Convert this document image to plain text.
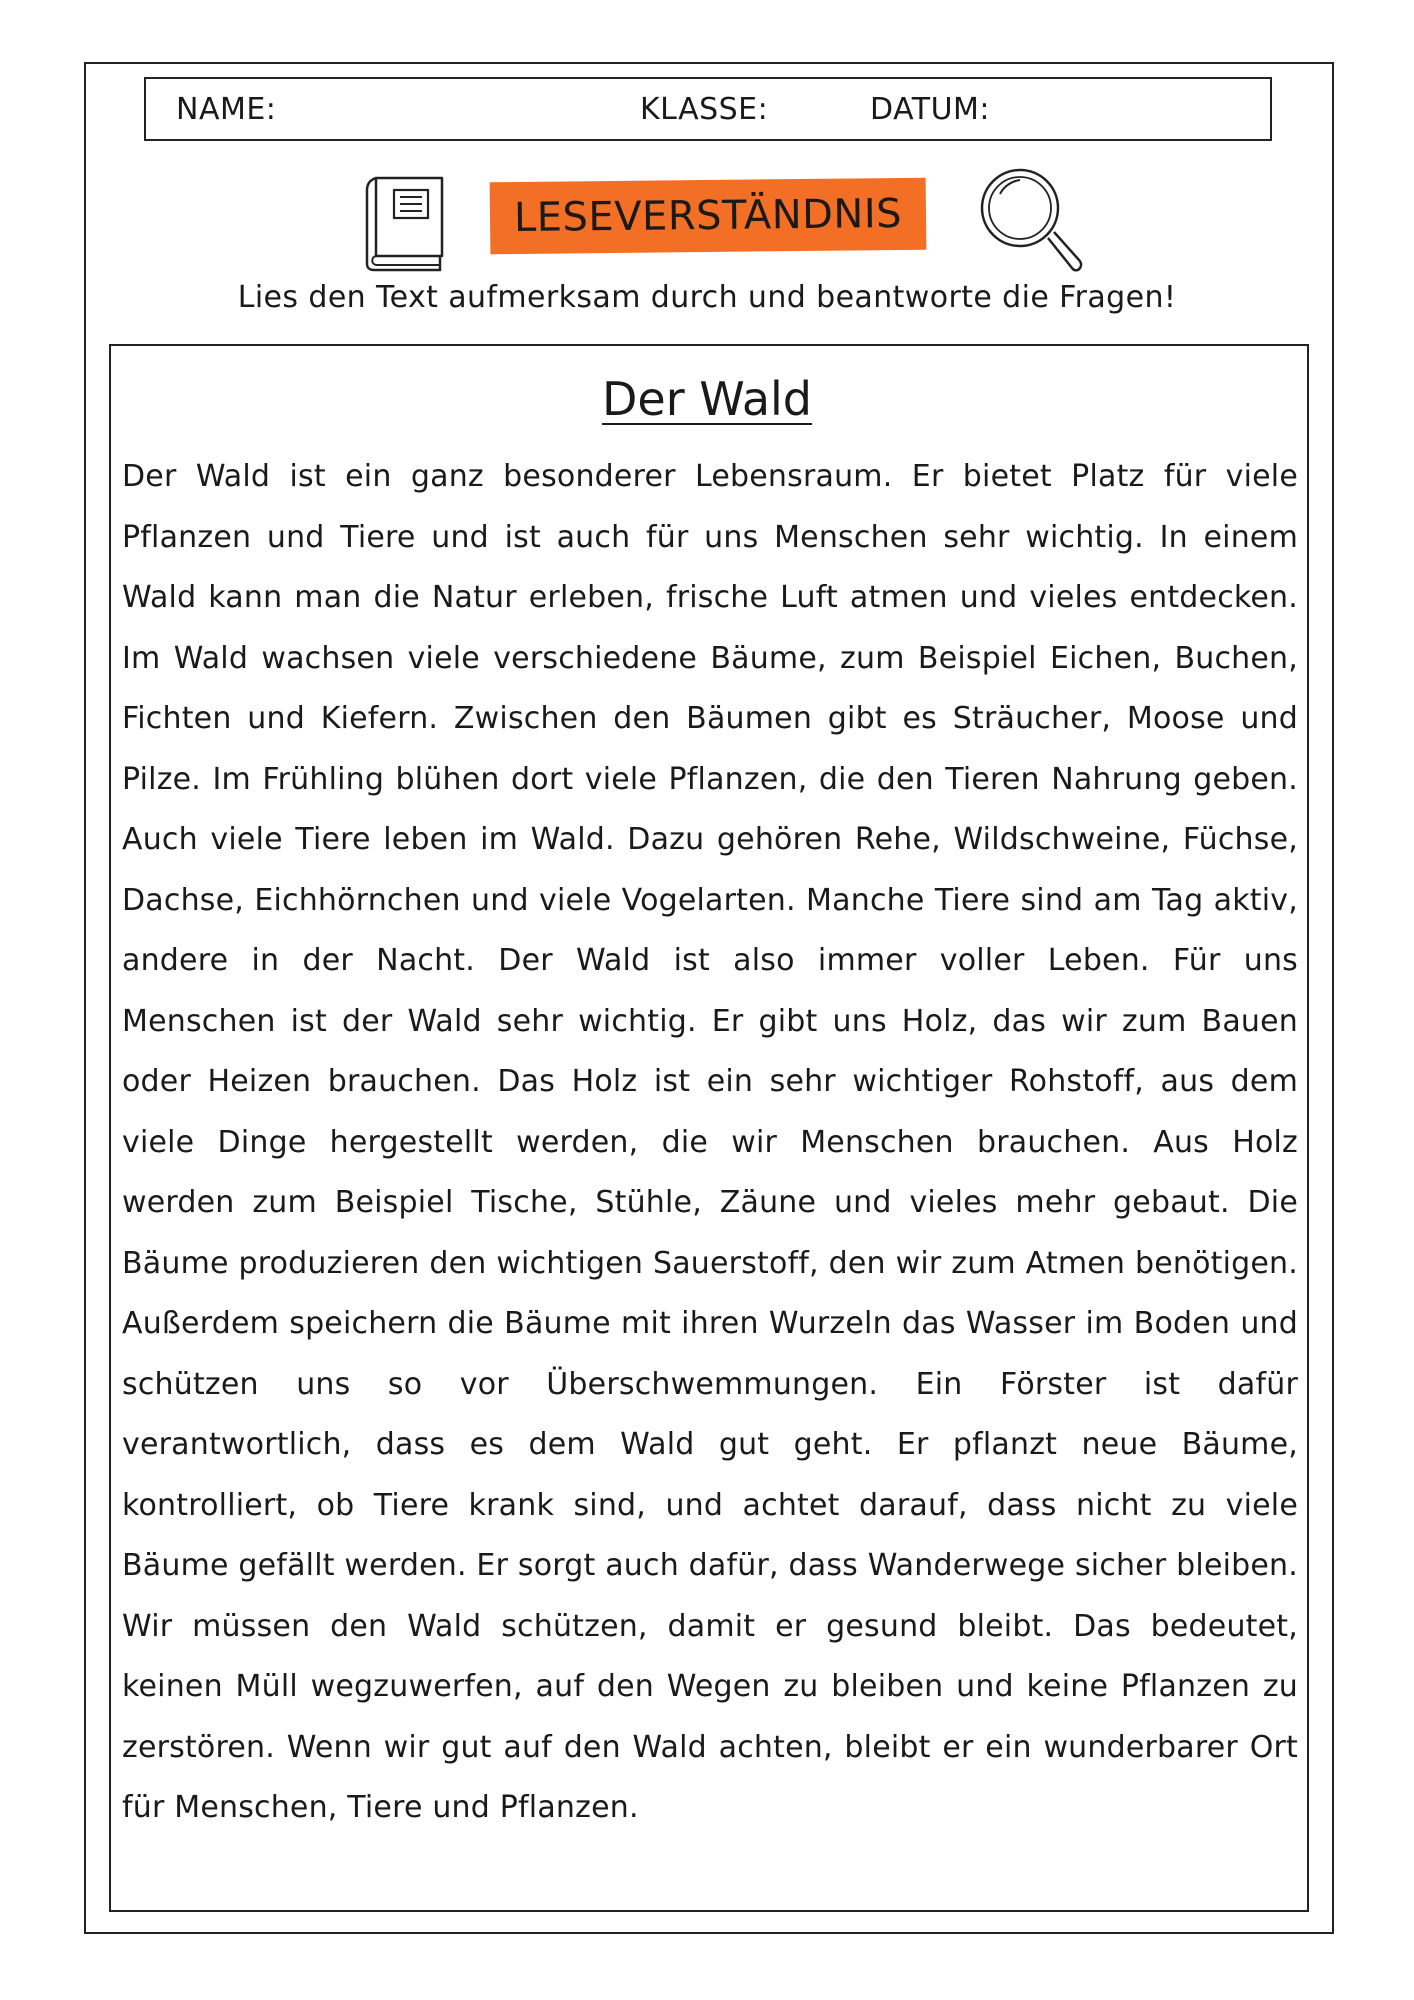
NAME:	KLASSE:	DATUM:
LESEVERSTÄNDNIS
Lies den Text aufmerksam durch und beantworte die Fragen!
Der Wald

Der Wald ist ein ganz besonderer Lebensraum. Er bietet Platz für viele Pflanzen und Tiere und ist auch für uns Menschen sehr wichtig. In einem Wald kann man die Natur erleben, frische Luft atmen und vieles entdecken. Im Wald wachsen viele verschiedene Bäume, zum Beispiel Eichen, Buchen, Fichten und Kiefern. Zwischen den Bäumen gibt es Sträucher, Moose und Pilze. Im Frühling blühen dort viele Pflanzen, die den Tieren Nahrung geben. Auch viele Tiere leben im Wald. Dazu gehören Rehe, Wildschweine, Füchse, Dachse, Eichhörnchen und viele Vogelarten. Manche Tiere sind am Tag aktiv, andere in der Nacht. Der Wald ist also immer voller Leben. Für uns Menschen ist der Wald sehr wichtig. Er gibt uns Holz, das wir zum Bauen oder Heizen brauchen. Das Holz ist ein sehr wichtiger Rohstoff, aus dem viele Dinge hergestellt werden, die wir Menschen brauchen. Aus Holz werden zum Beispiel Tische, Stühle, Zäune und vieles mehr gebaut. Die Bäume produzieren den wichtigen Sauerstoff, den wir zum Atmen benötigen. Außerdem speichern die Bäume mit ihren Wurzeln das Wasser im Boden und schützen uns so vor Überschwemmungen. Ein Förster ist dafür verantwortlich, dass es dem Wald gut geht. Er pflanzt neue Bäume, kontrolliert, ob Tiere krank sind, und achtet darauf, dass nicht zu viele Bäume gefällt werden. Er sorgt auch dafür, dass Wanderwege sicher bleiben. Wir müssen den Wald schützen, damit er gesund bleibt. Das bedeutet, keinen Müll wegzuwerfen, auf den Wegen zu bleiben und keine Pflanzen zu zerstören. Wenn wir gut auf den Wald achten, bleibt er ein wunderbarer Ort für Menschen, Tiere und Pflanzen.
